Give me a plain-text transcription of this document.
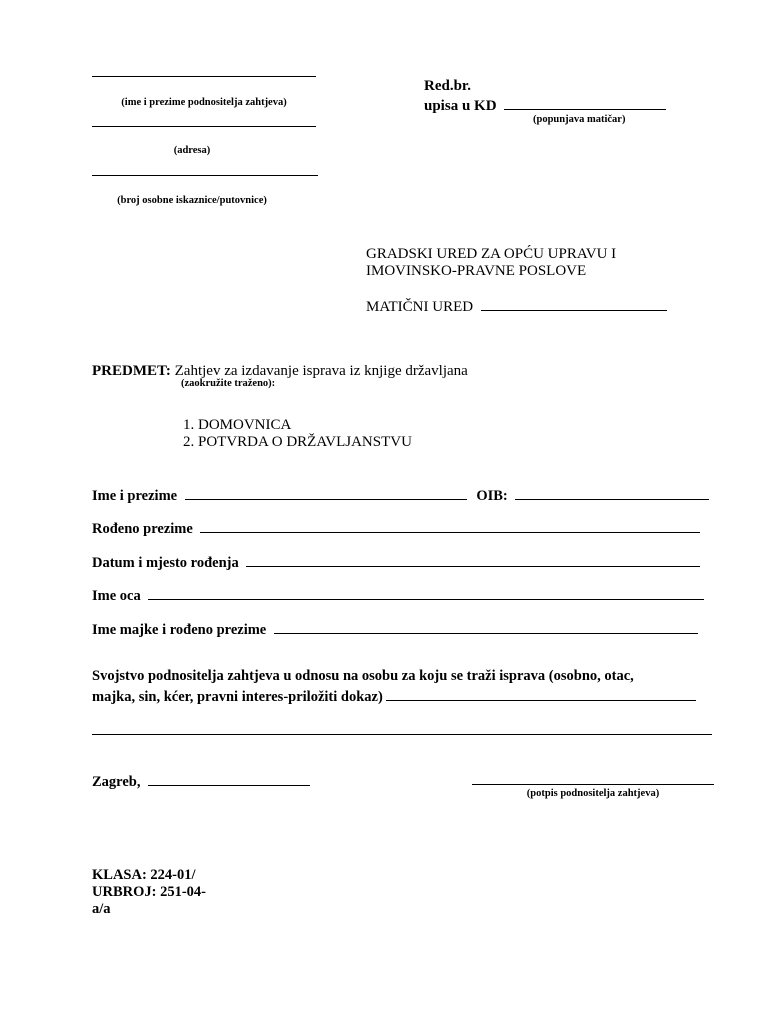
(ime i prezime podnositelja zahtjeva)
(adresa)
(broj osobne iskaznice/putovnice)
Red.br.
upisa u KD
(popunjava matičar)
GRADSKI URED ZA OPĆU UPRAVU I
IMOVINSKO-PRAVNE POSLOVE
MATIČNI URED
PREDMET: Zahtjev za izdavanje isprava iz knjige državljana
(zaokružite traženo):
1. DOMOVNICA
2. POTVRDA O DRŽAVLJANSTVU
Ime i prezime	OIB:
Rođeno prezime
Datum i mjesto rođenja
Ime oca
Ime majke i rođeno prezime
Svojstvo podnositelja zahtjeva u odnosu na osobu za koju se traži isprava (osobno, otac,
majka, sin, kćer, pravni interes-priložiti dokaz)
Zagreb,
(potpis podnositelja zahtjeva)
KLASA: 224-01/
URBROJ: 251-04-
a/a
